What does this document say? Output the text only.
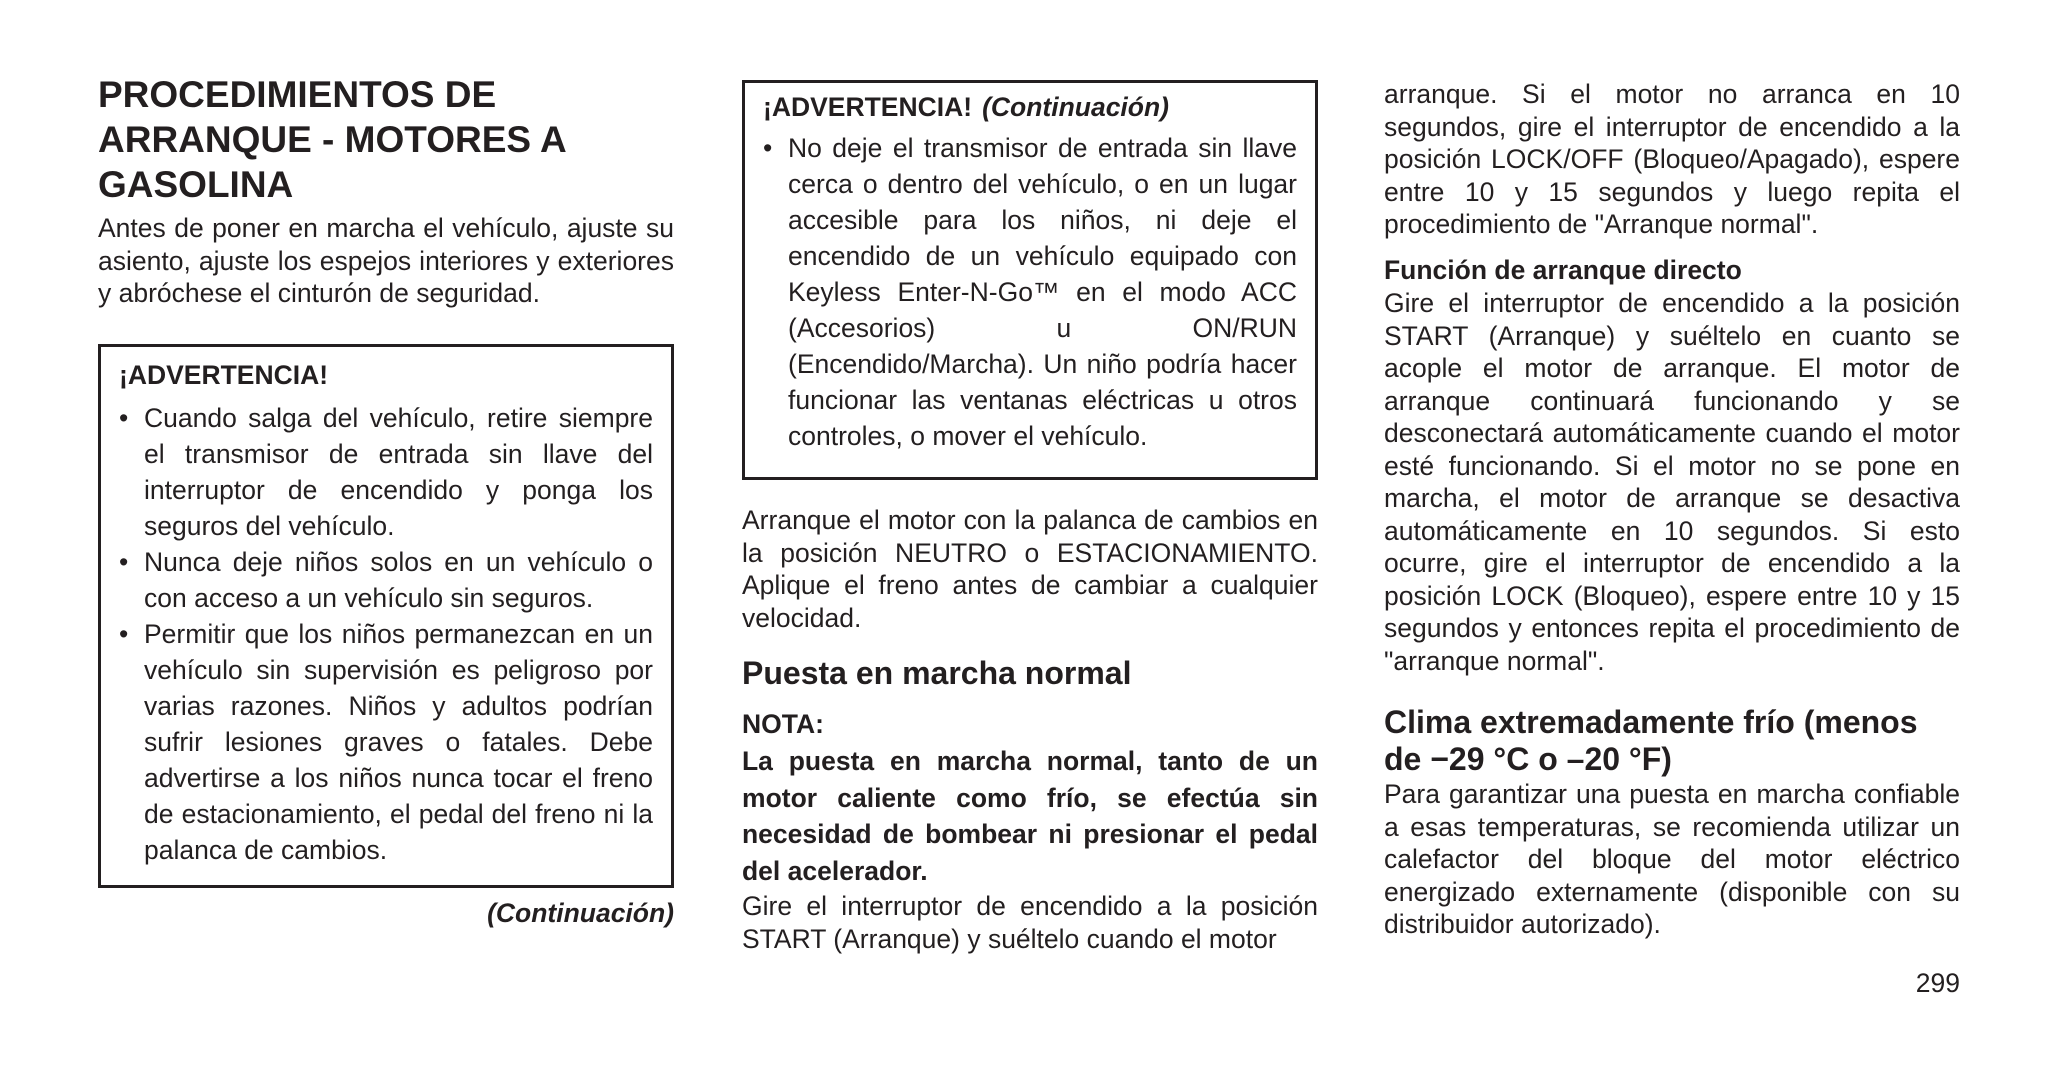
PROCEDIMIENTOS DE ARRANQUE - MOTORES A GASOLINA

Antes de poner en marcha el vehículo, ajuste su asiento, ajuste los espejos interiores y exteriores y abróchese el cinturón de seguridad.

¡ADVERTENCIA!

• Cuando salga del vehículo, retire siempre el transmisor de entrada sin llave del interruptor de encendido y ponga los seguros del vehículo.
• Nunca deje niños solos en un vehículo o con acceso a un vehículo sin seguros.
• Permitir que los niños permanezcan en un vehículo sin supervisión es peligroso por varias razones. Niños y adultos podrían sufrir lesiones graves o fatales. Debe advertirse a los niños nunca tocar el freno de estacionamiento, el pedal del freno ni la palanca de cambios.
(Continuación)

¡ADVERTENCIA! (Continuación)

• No deje el transmisor de entrada sin llave cerca o dentro del vehículo, o en un lugar accesible para los niños, ni deje el encendido de un vehículo equipado con Keyless Enter-N-Go™ en el modo ACC (Accesorios) u ON/RUN (Encendido/Marcha). Un niño podría hacer funcionar las ventanas eléctricas u otros controles, o mover el vehículo.

Arranque el motor con la palanca de cambios en la posición NEUTRO o ESTACIONAMIENTO. Aplique el freno antes de cambiar a cualquier velocidad.

Puesta en marcha normal

NOTA:

La puesta en marcha normal, tanto de un motor caliente como frío, se efectúa sin necesidad de bombear ni presionar el pedal del acelerador.

Gire el interruptor de encendido a la posición START (Arranque) y suéltelo cuando el motor

arranque. Si el motor no arranca en 10 segundos, gire el interruptor de encendido a la posición LOCK/OFF (Bloqueo/Apagado), espere entre 10 y 15 segundos y luego repita el procedimiento de "Arranque normal".

Función de arranque directo

Gire el interruptor de encendido a la posición START (Arranque) y suéltelo en cuanto se acople el motor de arranque. El motor de arranque continuará funcionando y se desconectará automáticamente cuando el motor esté funcionando. Si el motor no se pone en marcha, el motor de arranque se desactiva automáticamente en 10 segundos. Si esto ocurre, gire el interruptor de encendido a la posición LOCK (Bloqueo), espere entre 10 y 15 segundos y entonces repita el procedimiento de "arranque normal".

Clima extremadamente frío (menos de −29 °C o –20 °F)

Para garantizar una puesta en marcha confiable a esas temperaturas, se recomienda utilizar un calefactor del bloque del motor eléctrico energizado externamente (disponible con su distribuidor autorizado).

299
